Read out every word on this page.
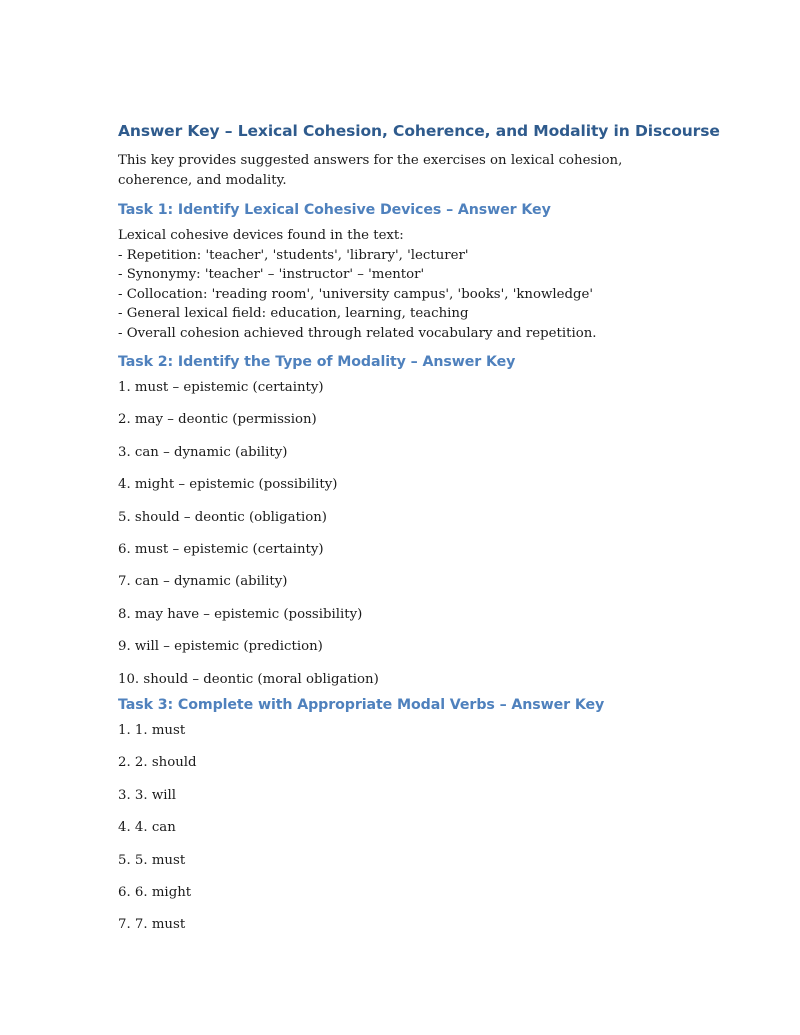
Answer Key – Lexical Cohesion, Coherence, and Modality in Discourse

This key provides suggested answers for the exercises on lexical cohesion, coherence, and modality.

Task 1: Identify Lexical Cohesive Devices – Answer Key

Lexical cohesive devices found in the text:

- Repetition: 'teacher', 'students', 'library', 'lecturer'
- Synonymy: 'teacher' – 'instructor' – 'mentor'
- Collocation: 'reading room', 'university campus', 'books', 'knowledge'
- General lexical field: education, learning, teaching
- Overall cohesion achieved through related vocabulary and repetition.
Task 2: Identify the Type of Modality – Answer Key
1. must – epistemic (certainty)
2. may – deontic (permission)
3. can – dynamic (ability)
4. might – epistemic (possibility)
5. should – deontic (obligation)
6. must – epistemic (certainty)
7. can – dynamic (ability)
8. may have – epistemic (possibility)
9. will – epistemic (prediction)
10. should – deontic (moral obligation)
Task 3: Complete with Appropriate Modal Verbs – Answer Key
1. 1. must
2. 2. should
3. 3. will
4. 4. can
5. 5. must
6. 6. might
7. 7. must
